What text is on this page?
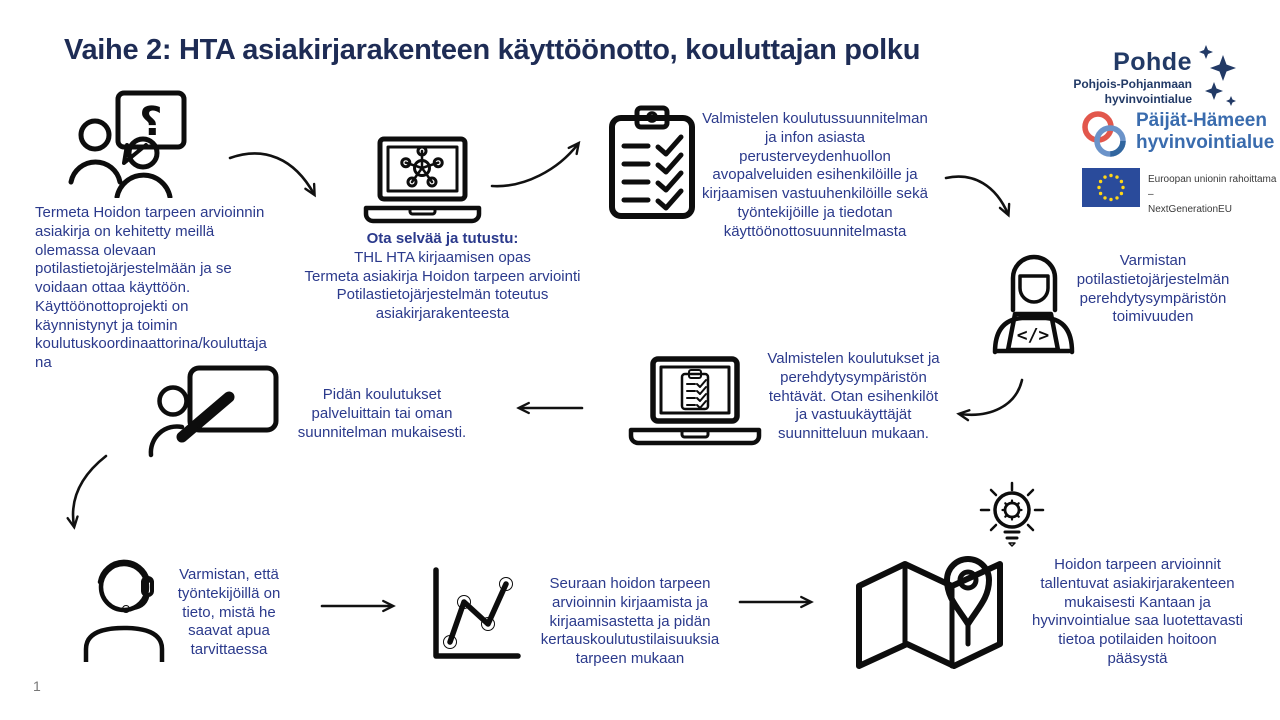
Vaihe 2: HTA asiakirjarakenteen käyttöönotto, kouluttajan polku	Pohde
Pohjois-Pohjanmaan
hyvinvointialue
Päijät-Hämeen
hyvinvointialue
Euroopan unionin rahoittama –
NextGenerationEU
?
Termeta Hoidon tarpeen arvioinnin asiakirja on kehitetty meillä olemassa olevaan potilastietojärjestelmään ja se voidaan ottaa käyttöön. Käyttöönottoprojekti on käynnistynyt ja toimin koulutuskoordinaattorina/kouluttajana
Ota selvää ja tutustu:
THL HTA kirjaamisen opas
Termeta asiakirja Hoidon tarpeen arviointi
Potilastietojärjestelmän toteutus asiakirjarakenteesta
Valmistelen koulutussuunnitelman ja infon asiasta perusterveydenhuollon avopalveluiden esihenkilöille ja kirjaamisen vastuuhenkilöille sekä työntekijöille ja tiedotan käyttöönottosuunnitelmasta
</>
Varmistan potilastietojärjestelmän perehdytysympäristön toimivuuden
Valmistelen koulutukset ja perehdytysympäristön tehtävät. Otan esihenkilöt ja vastuukäyttäjät suunnitteluun mukaan.
Pidän koulutukset palveluittain tai oman suunnitelman mukaisesti.
Varmistan, että työntekijöillä on tieto, mistä he saavat apua tarvittaessa
Seuraan hoidon tarpeen arvioinnin kirjaamista ja kirjaamisastetta ja pidän kertauskoulutustilaisuuksia tarpeen mukaan
Hoidon tarpeen arvioinnit tallentuvat asiakirjarakenteen mukaisesti Kantaan ja hyvinvointialue saa luotettavasti tietoa potilaiden hoitoon pääsystä
1
